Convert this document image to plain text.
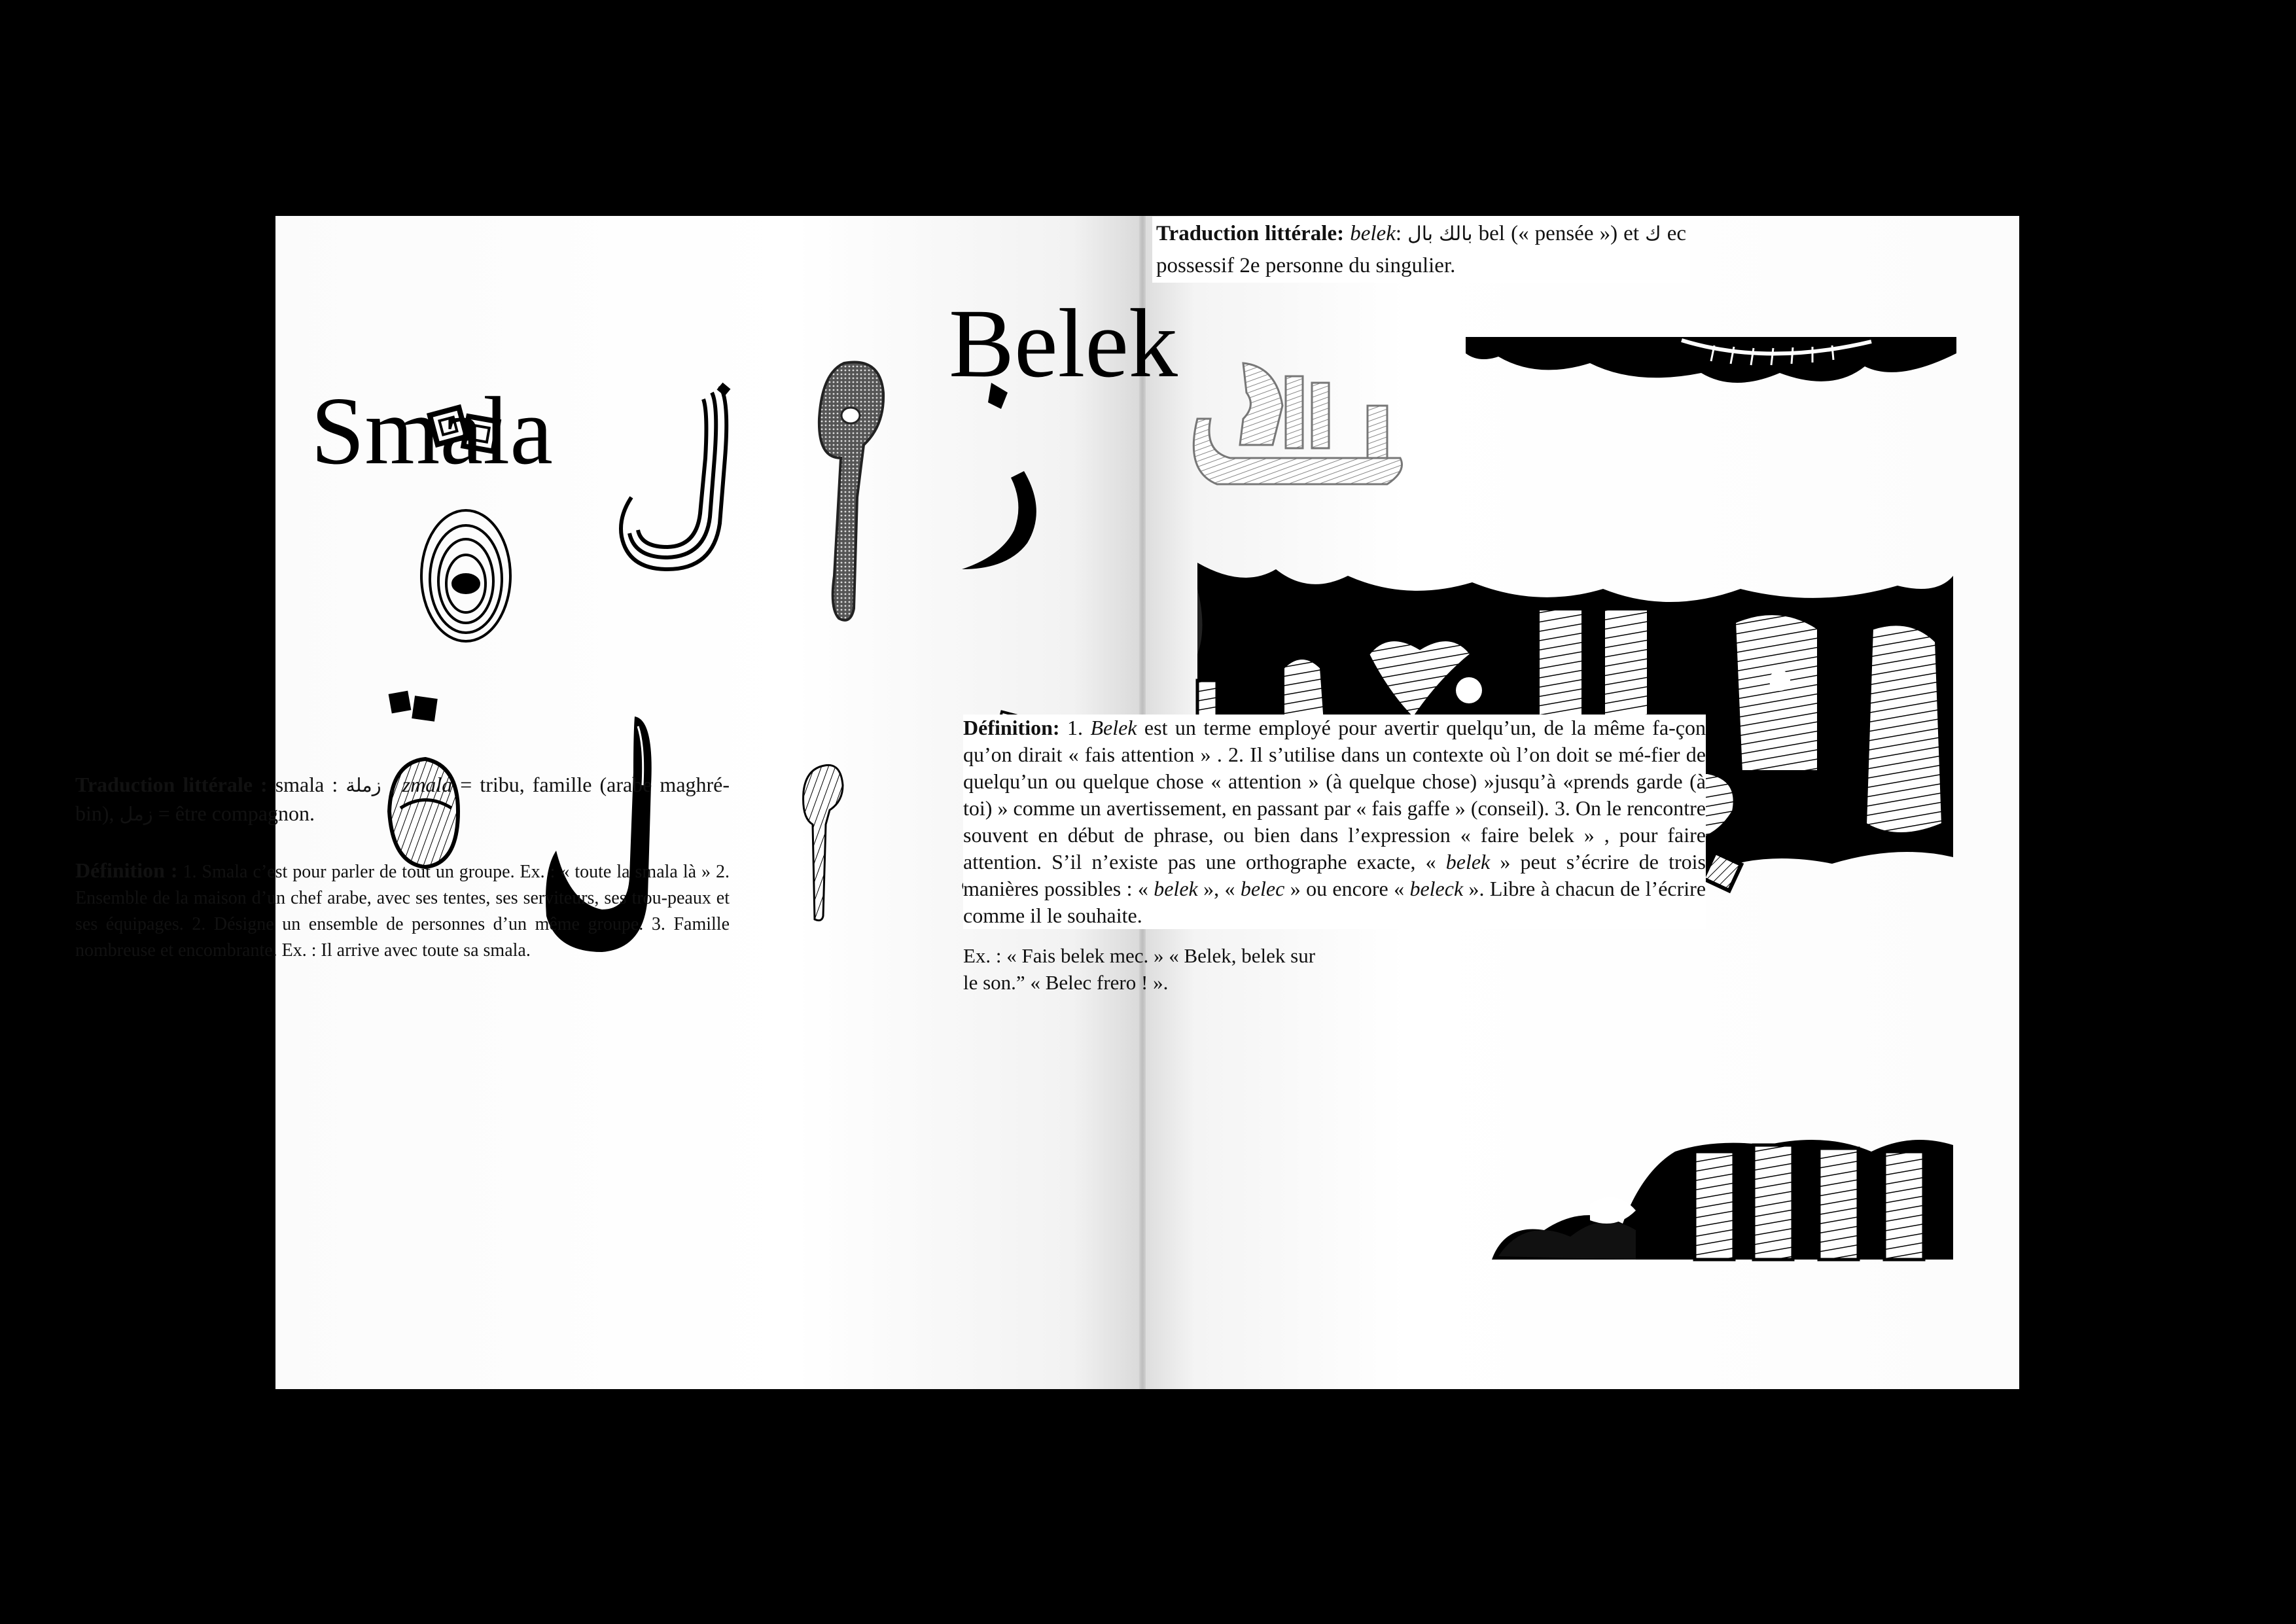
Smala
Traduction littérale : smala : زملة , zmala = tribu, famille (arabe maghré-bin), زمل = être compagnon.
Définition : 1. Smala c’est pour parler de tout un groupe. Ex. : « toute la smala là » 2. Ensemble de la maison d’un chef arabe, avec ses tentes, ses serviteurs, ses trou-peaux et ses équipages. 2. Désigne un ensemble de personnes d’un même groupe. 3. Famille nombreuse et encombrante. Ex. : Il arrive avec toute sa smala.
Belek
Traduction littérale: belek: بالك بال bel (« pensée ») et ك ec possessif 2e personne du singulier.
Définition: 1. Belek est un terme employé pour avertir quelqu’un, de la même fa-çon qu’on dirait « fais attention » . 2. Il s’utilise dans un contexte où l’on doit se mé-fier de quelqu’un ou quelque chose « attention » (à quelque chose) »jusqu’à «prends garde (à toi) » comme un avertissement, en passant par « fais gaffe » (conseil). 3. On le rencontre souvent en début de phrase, ou bien dans l’expression « faire belek » , pour faire attention. S’il n’existe pas une orthographe exacte, « belek » peut s’écrire de trois manières possibles : « belek », « belec » ou encore « beleck ». Libre à chacun de l’écrire comme il le souhaite.
Ex. : « Fais belek mec. » « Belek, belek sur le son.” « Belec frero ! ».
